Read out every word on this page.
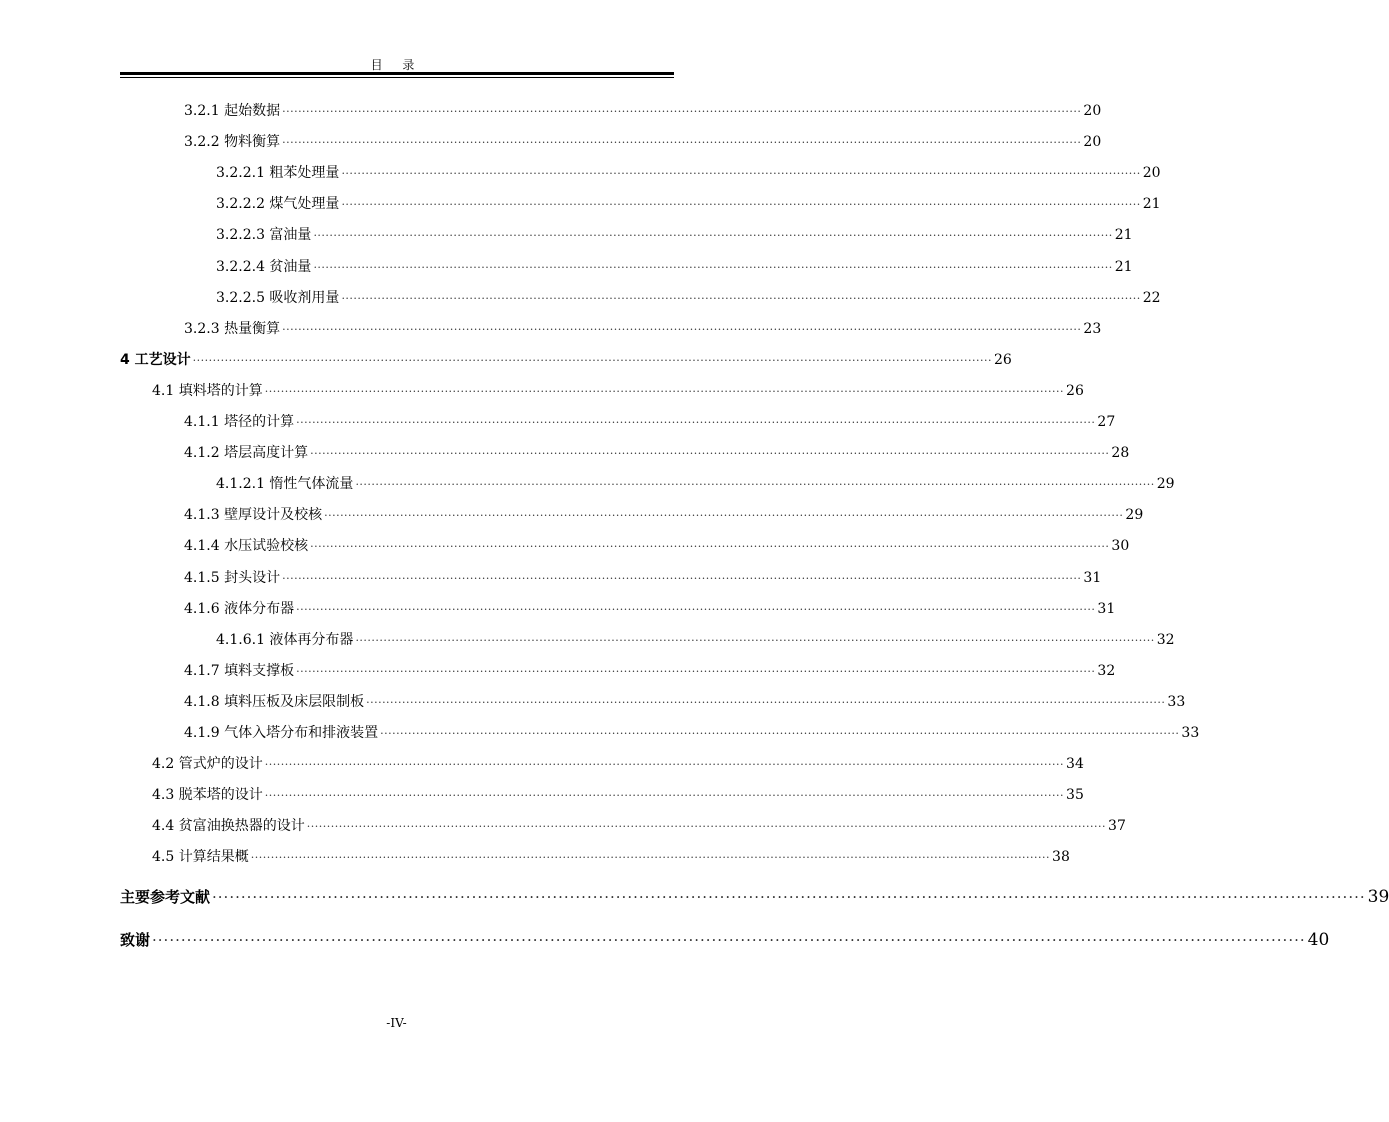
目 录
3.2.1 起始数据 ········································································································································································································ 20
3.2.2 物料衡算 ········································································································································································································ 20
3.2.2.1 粗苯处理量 ········································································································································································································ 20
3.2.2.2 煤气处理量 ········································································································································································································ 21
3.2.2.3 富油量 ········································································································································································································ 21
3.2.2.4 贫油量 ········································································································································································································ 21
3.2.2.5 吸收剂用量 ········································································································································································································ 22
3.2.3 热量衡算 ········································································································································································································ 23
4 工艺设计 ········································································································································································································ 26
4.1 填料塔的计算 ········································································································································································································ 26
4.1.1 塔径的计算 ········································································································································································································ 27
4.1.2 塔层高度计算 ········································································································································································································ 28
4.1.2.1 惰性气体流量 ········································································································································································································ 29
4.1.3 壁厚设计及校核 ········································································································································································································ 29
4.1.4 水压试验校核 ········································································································································································································ 30
4.1.5 封头设计 ········································································································································································································ 31
4.1.6 液体分布器 ········································································································································································································ 31
4.1.6.1 液体再分布器 ········································································································································································································ 32
4.1.7 填料支撑板 ········································································································································································································ 32
4.1.8 填料压板及床层限制板 ········································································································································································································ 33
4.1.9 气体入塔分布和排液装置 ········································································································································································································ 33
4.2 管式炉的设计 ········································································································································································································ 34
4.3 脱苯塔的设计 ········································································································································································································ 35
4.4 贫富油换热器的设计 ········································································································································································································ 37
4.5 计算结果概 ········································································································································································································ 38
主要参考文献 ········································································································································································································ 39
致谢 ········································································································································································································ 40
-IV-
